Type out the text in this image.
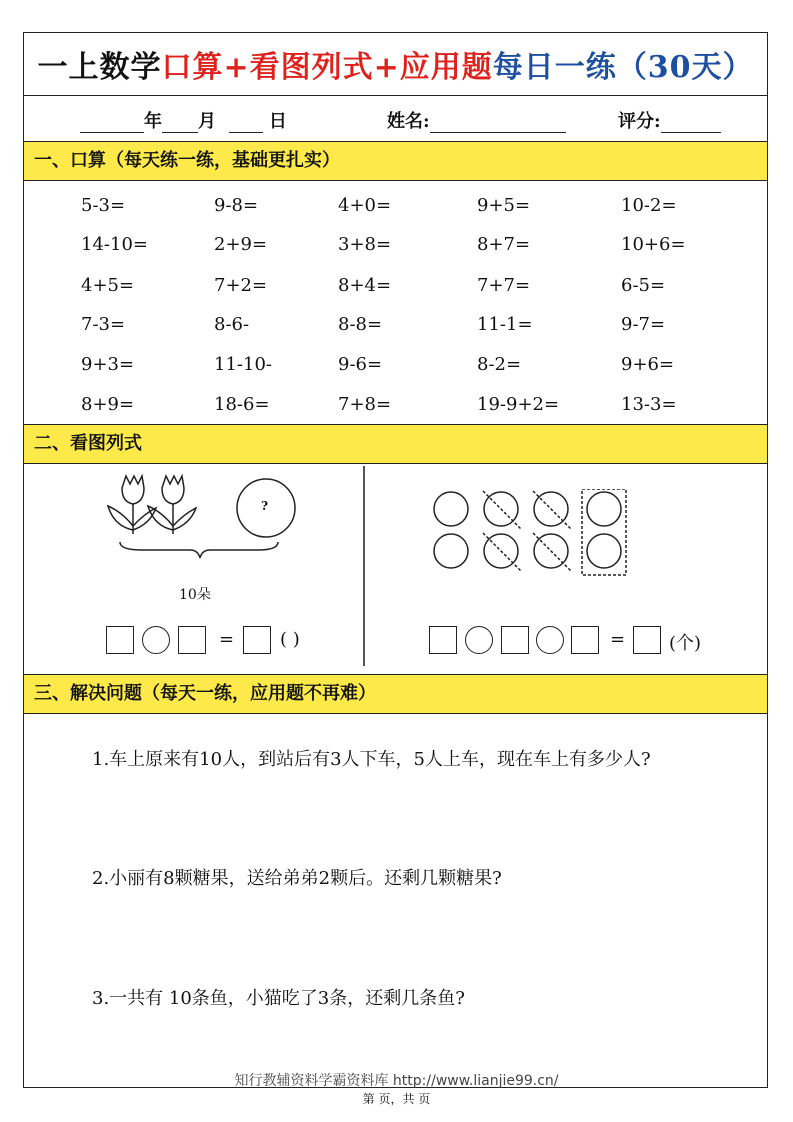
一上数学 口算+看图列式+应用题 每日一练（30天）
年 月	日	姓名:	评分:
一、口算（每天练一练，基础更扎实）
5-3=	9-8=	4+0=	9+5=	10-2=
14-10=	2+9=	3+8=	8+7=	10+6=
4+5=	7+2=	8+4=	7+7=	6-5=
7-3=	8-6-	8-8=	11-1=	9-7=
9+3=	11-10-	9-6=	8-2=	9+6=
8+9=	18-6=	7+8=	19-9+2=	13-3=
二、看图列式
?
10朵
=	( )	= (个)
三、解决问题（每天一练，应用题不再难）
1.车上原来有10人，到站后有3人下车，5人上车，现在车上有多少人?
2.小丽有8颗糖果，送给弟弟2颗后。还剩几颗糖果?
3.一共有 10条鱼，小猫吃了3条，还剩几条鱼?
知行教辅资料学霸资料库 http://www.lianjie99.cn/
第 页，共 页
